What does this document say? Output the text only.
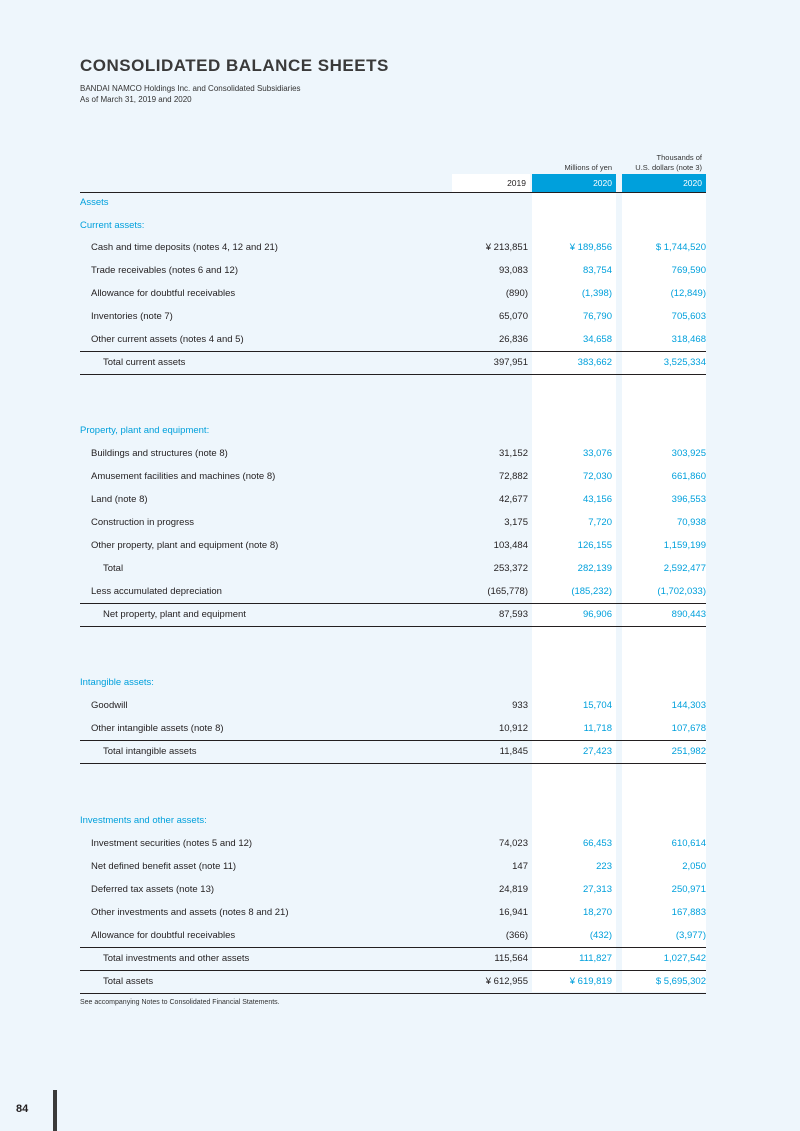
CONSOLIDATED BALANCE SHEETS
BANDAI NAMCO Holdings Inc. and Consolidated Subsidiaries
As of March 31, 2019 and 2020
Millions of yen
Thousands of
U.S. dollars (note 3)
2019	2020	2020
Assets
Current assets:
Cash and time deposits (notes 4, 12 and 21)	¥ 213,851	¥ 189,856	$ 1,744,520
Trade receivables (notes 6 and 12)	93,083	83,754	769,590
Allowance for doubtful receivables	(890)	(1,398)	(12,849)
Inventories (note 7)	65,070	76,790	705,603
Other current assets (notes 4 and 5)	26,836	34,658	318,468
Total current assets	397,951	383,662	3,525,334
Property, plant and equipment:
Buildings and structures (note 8)	31,152	33,076	303,925
Amusement facilities and machines (note 8)	72,882	72,030	661,860
Land (note 8)	42,677	43,156	396,553
Construction in progress	3,175	7,720	70,938
Other property, plant and equipment (note 8)	103,484	126,155	1,159,199
Total	253,372	282,139	2,592,477
Less accumulated depreciation	(165,778)	(185,232)	(1,702,033)
Net property, plant and equipment	87,593	96,906	890,443
Intangible assets:
Goodwill	933	15,704	144,303
Other intangible assets (note 8)	10,912	11,718	107,678
Total intangible assets	11,845	27,423	251,982
Investments and other assets:
Investment securities (notes 5 and 12)	74,023	66,453	610,614
Net defined benefit asset (note 11)	147	223	2,050
Deferred tax assets (note 13)	24,819	27,313	250,971
Other investments and assets (notes 8 and 21)	16,941	18,270	167,883
Allowance for doubtful receivables	(366)	(432)	(3,977)
Total investments and other assets	115,564	111,827	1,027,542
Total assets	¥ 612,955	¥ 619,819	$ 5,695,302
See accompanying Notes to Consolidated Financial Statements.
84
